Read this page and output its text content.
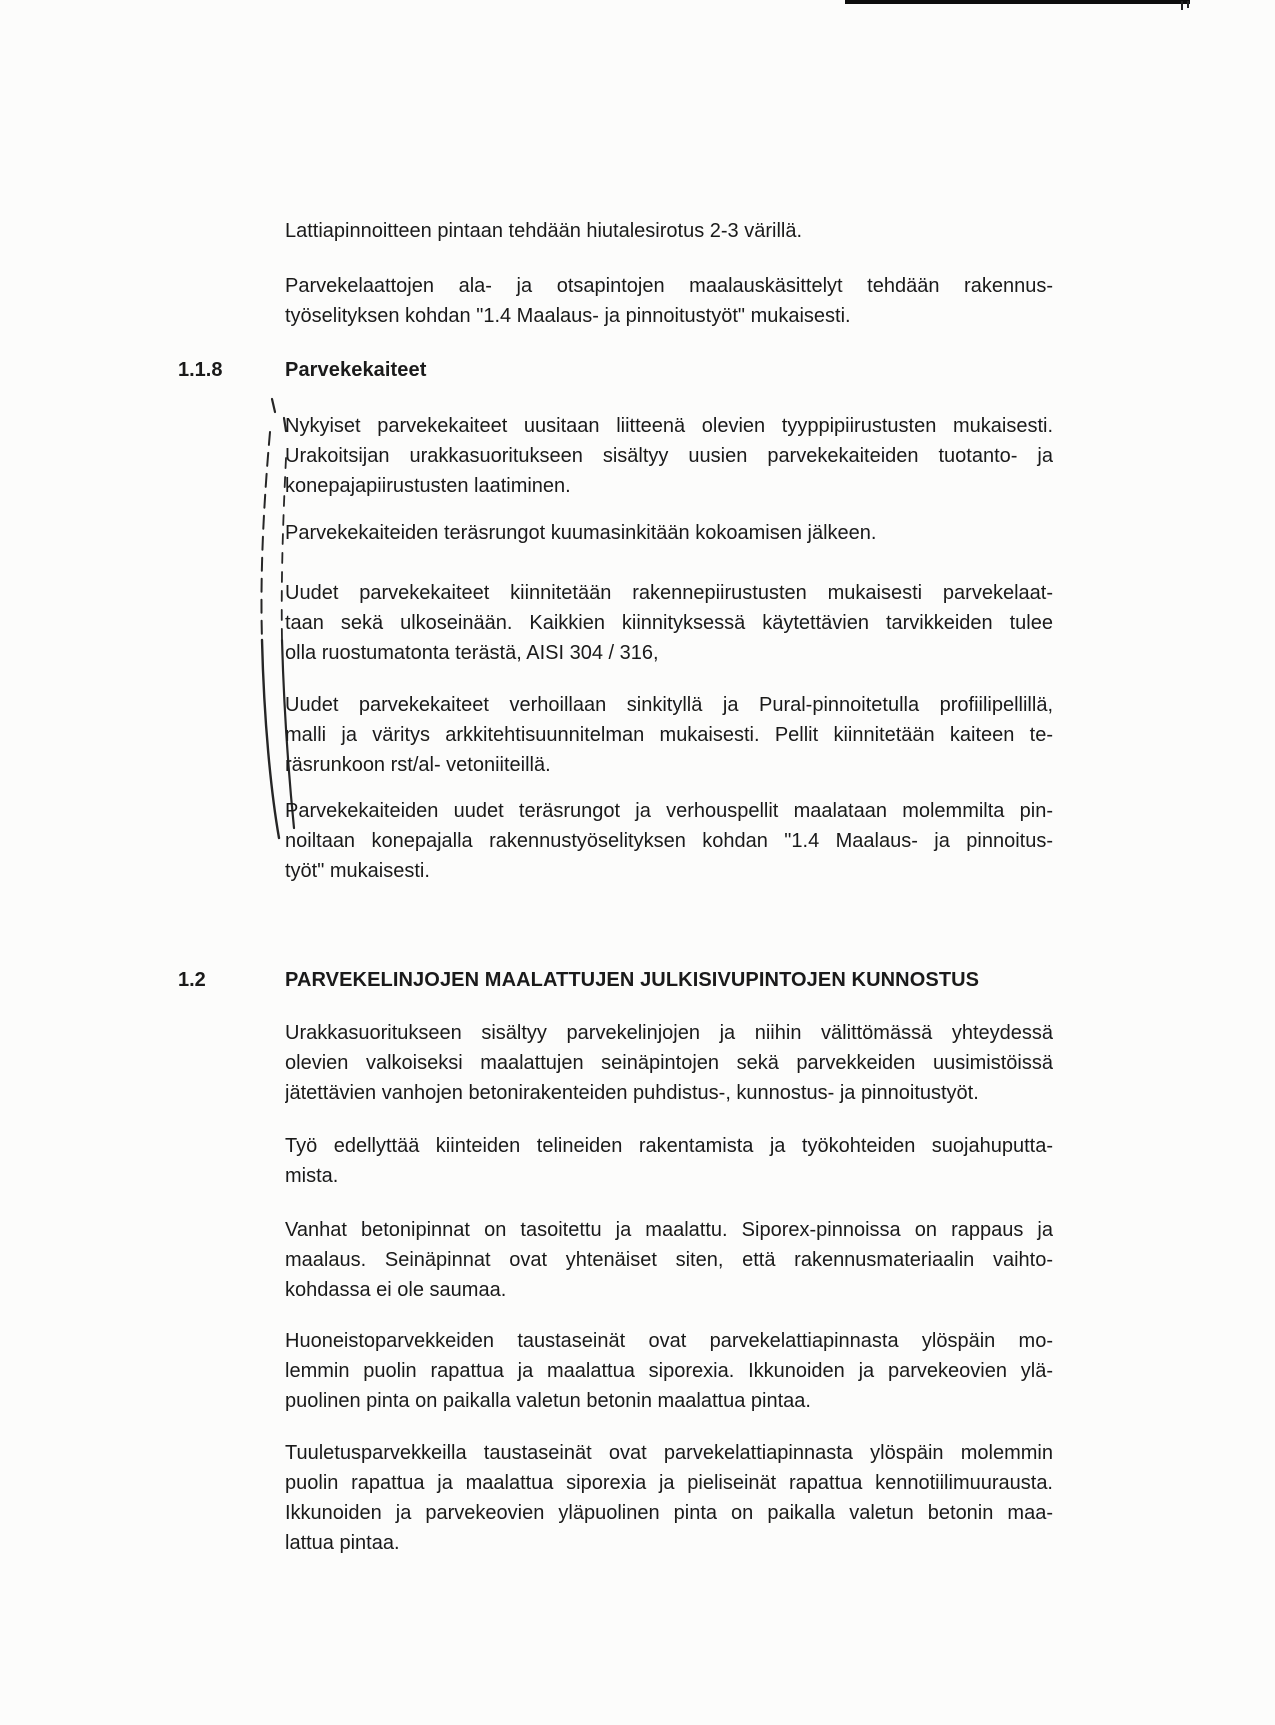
Lattiapinnoitteen pintaan tehdään hiutalesirotus 2-3 värillä.
Parvekelaattojen ala- ja otsapintojen maalauskäsittelyt tehdään rakennus-
työselityksen kohdan "1.4 Maalaus- ja pinnoitustyöt" mukaisesti.
1.1.8	Parvekekaiteet
Nykyiset parvekekaiteet uusitaan liitteenä olevien tyyppipiirustusten mukaisesti.
Urakoitsijan urakkasuoritukseen sisältyy uusien parvekekaiteiden tuotanto- ja
konepajapiirustusten laatiminen.
Parvekekaiteiden teräsrungot kuumasinkitään kokoamisen jälkeen.
Uudet parvekekaiteet kiinnitetään rakennepiirustusten mukaisesti parvekelaat-
taan sekä ulkoseinään. Kaikkien kiinnityksessä käytettävien tarvikkeiden tulee
olla ruostumatonta terästä, AISI 304 / 316,
Uudet parvekekaiteet verhoillaan sinkityllä ja Pural-pinnoitetulla profiilipellillä,
malli ja väritys arkkitehtisuunnitelman mukaisesti. Pellit kiinnitetään kaiteen te-
räsrunkoon rst/al- vetoniiteillä.
Parvekekaiteiden uudet teräsrungot ja verhouspellit maalataan molemmilta pin-
noiltaan konepajalla rakennustyöselityksen kohdan "1.4 Maalaus- ja pinnoitus-
työt" mukaisesti.
1.2	PARVEKELINJOJEN MAALATTUJEN JULKISIVUPINTOJEN KUNNOSTUS
Urakkasuoritukseen sisältyy parvekelinjojen ja niihin välittömässä yhteydessä
olevien valkoiseksi maalattujen seinäpintojen sekä parvekkeiden uusimistöissä
jätettävien vanhojen betonirakenteiden puhdistus-, kunnostus- ja pinnoitustyöt.
Työ edellyttää kiinteiden telineiden rakentamista ja työkohteiden suojahuputta-
mista.
Vanhat betonipinnat on tasoitettu ja maalattu. Siporex-pinnoissa on rappaus ja
maalaus. Seinäpinnat ovat yhtenäiset siten, että rakennusmateriaalin vaihto-
kohdassa ei ole saumaa.
Huoneistoparvekkeiden taustaseinät ovat parvekelattiapinnasta ylöspäin mo-
lemmin puolin rapattua ja maalattua siporexia. Ikkunoiden ja parvekeovien ylä-
puolinen pinta on paikalla valetun betonin maalattua pintaa.
Tuuletusparvekkeilla taustaseinät ovat parvekelattiapinnasta ylöspäin molemmin
puolin rapattua ja maalattua siporexia ja pieliseinät rapattua kennotiilimuurausta.
Ikkunoiden ja parvekeovien yläpuolinen pinta on paikalla valetun betonin maa-
lattua pintaa.
